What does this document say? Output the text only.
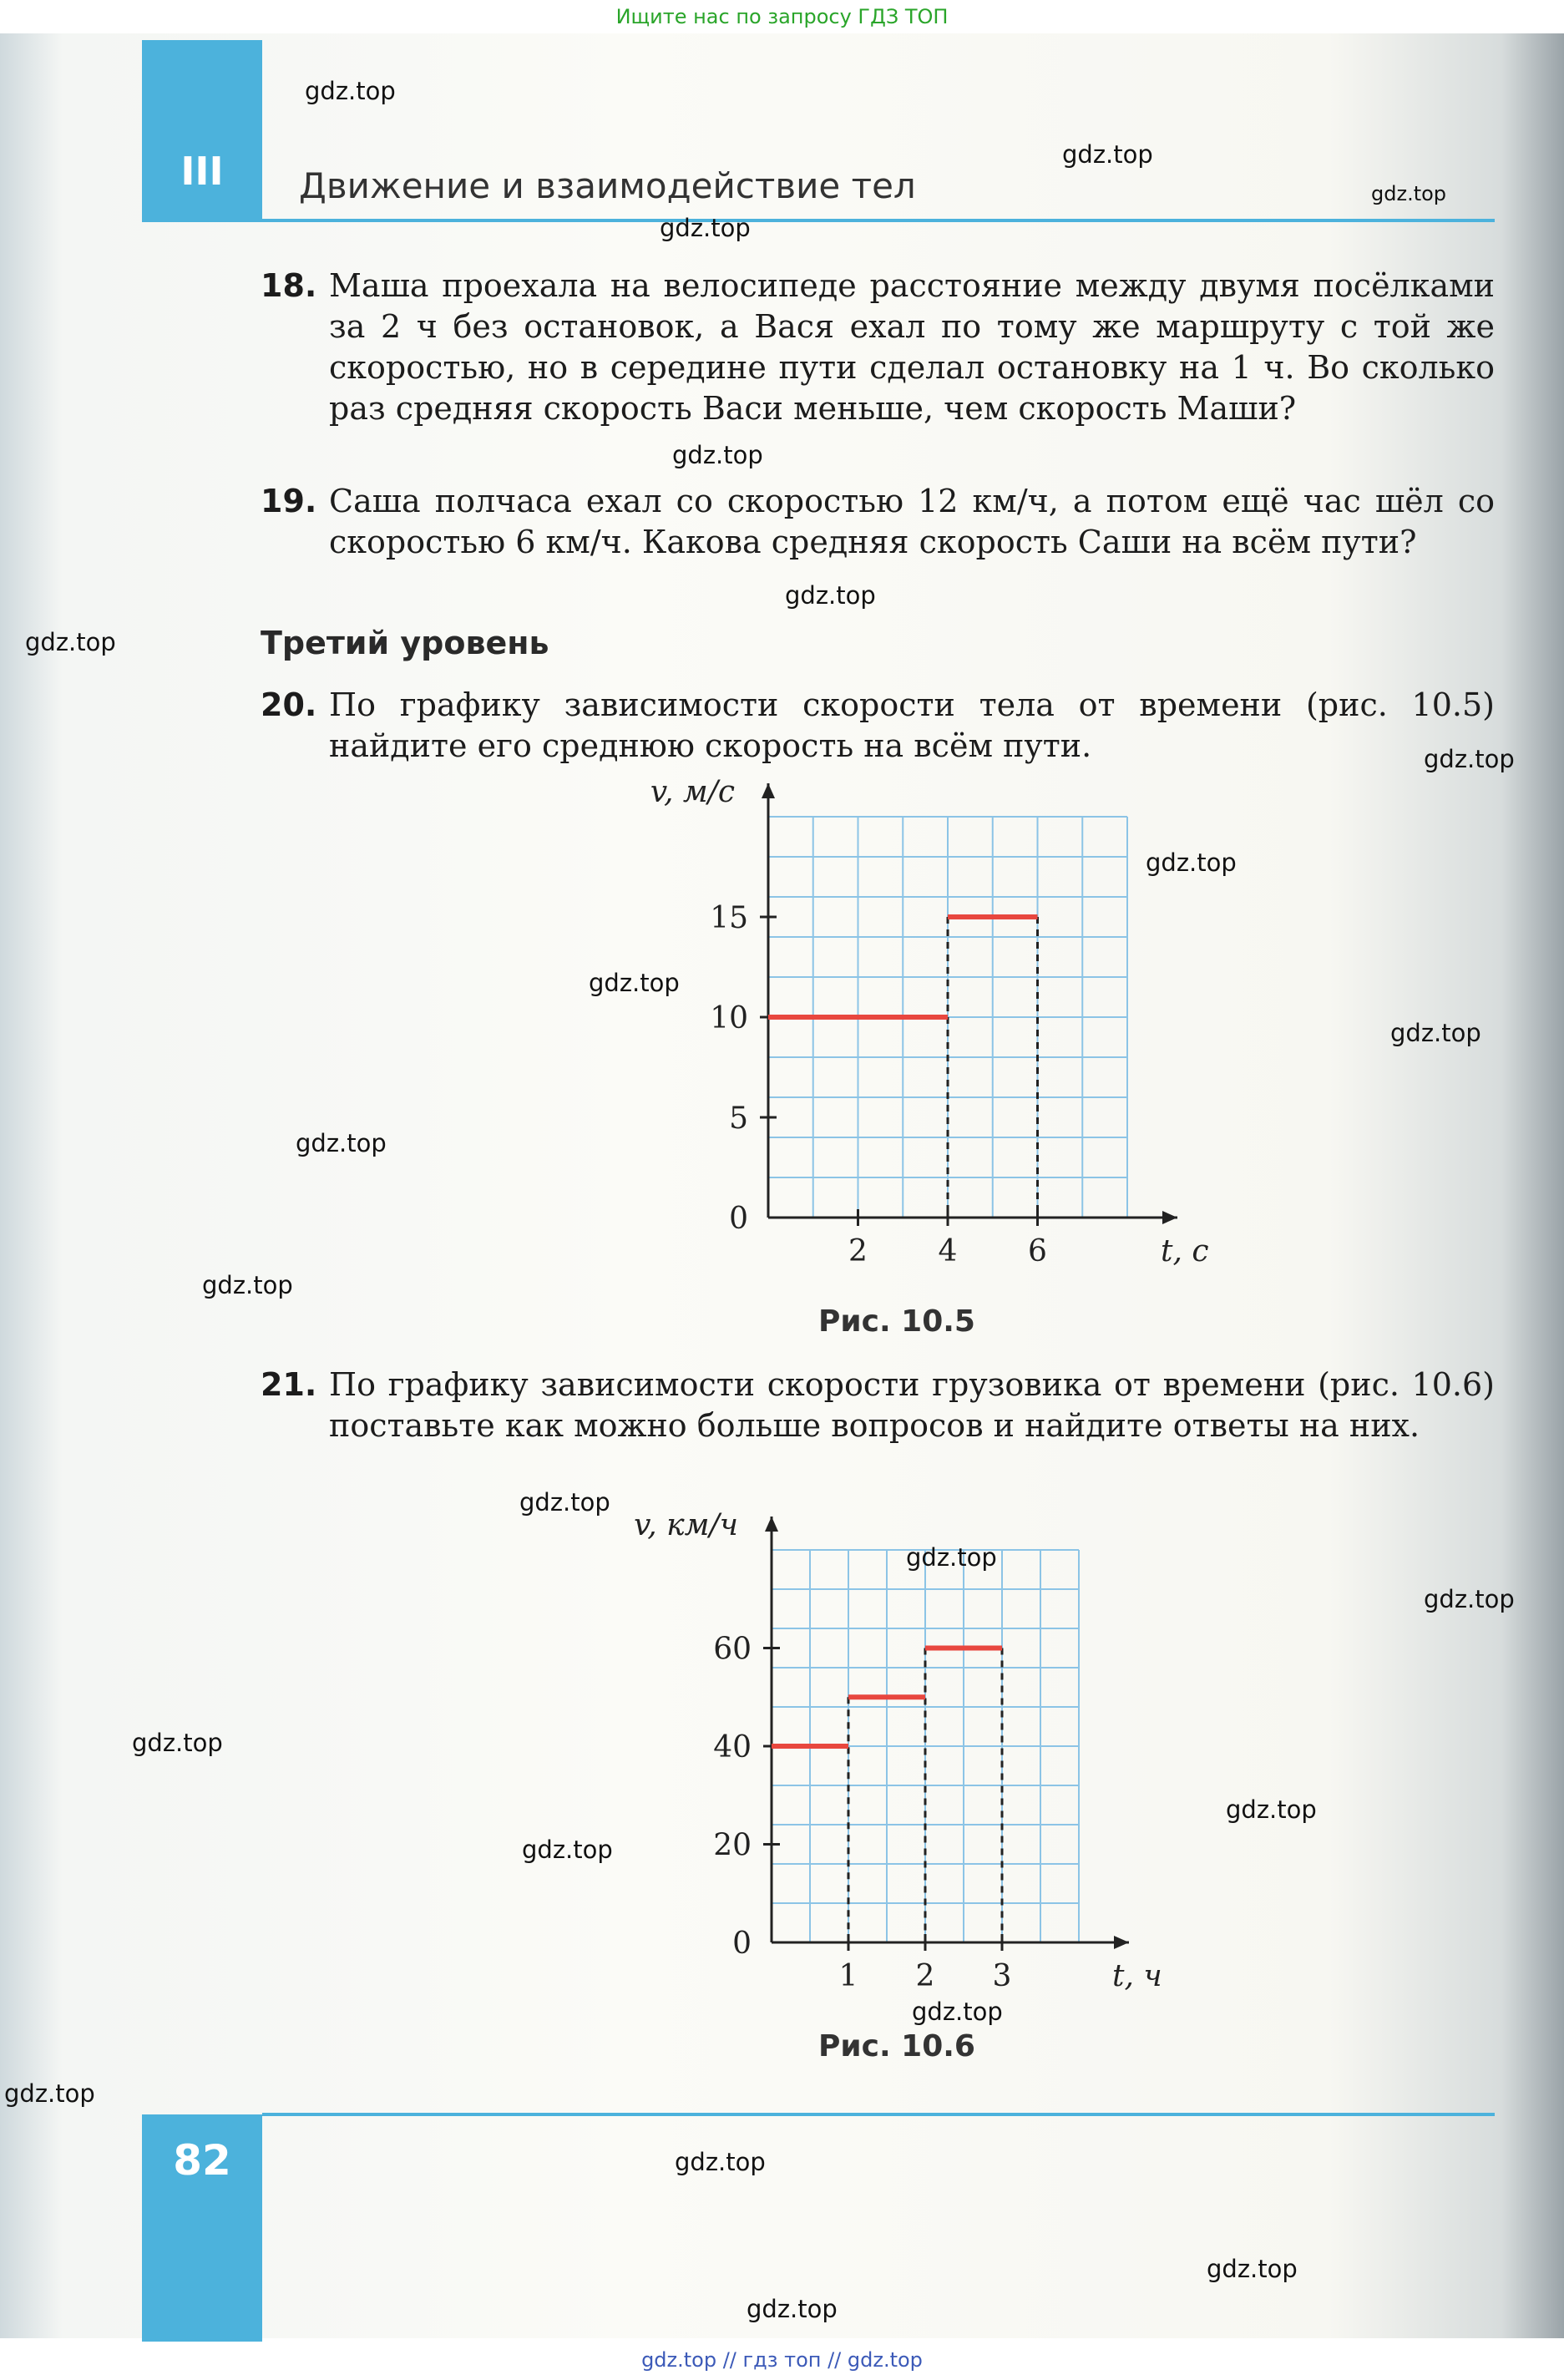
Ищите нас по запросу ГДЗ ТОП
III	Движение и взаимодействие тел
18. Маша проехала на велосипеде расстояние между двумя посёлками за 2 ч без остановок, а Вася ехал по тому же маршруту с той же скоростью, но в середине пути сделал остановку на 1 ч. Во сколько раз средняя скорость Васи меньше, чем скорость Маши?
19. Саша полчаса ехал со скоростью 12 км/ч, а потом ещё час шёл со скоростью 6 км/ч. Какова средняя скорость Саши на всём пути?
Третий уровень
20. По графику зависимости скорости тела от времени (рис. 10.5) найдите его среднюю скорость на всём пути.
2 4 6
0
5
10
15
v, м/с
t, с
Рис. 10.5
21. По графику зависимости скорости грузовика от времени (рис. 10.6) поставьте как можно больше вопросов и найдите ответы на них.
1 2 3
0
20
40
60
v, км/ч
t, ч
Рис. 10.6
82
gdz.top // гдз топ // gdz.top
gdz.top
gdz.top
gdz.top
gdz.top
gdz.top
gdz.top
gdz.top
gdz.top
gdz.top
gdz.top
gdz.top
gdz.top
gdz.top
gdz.top
gdz.top
gdz.top
gdz.top
gdz.top
gdz.top
gdz.top
gdz.top
gdz.top
gdz.top
gdz.top
